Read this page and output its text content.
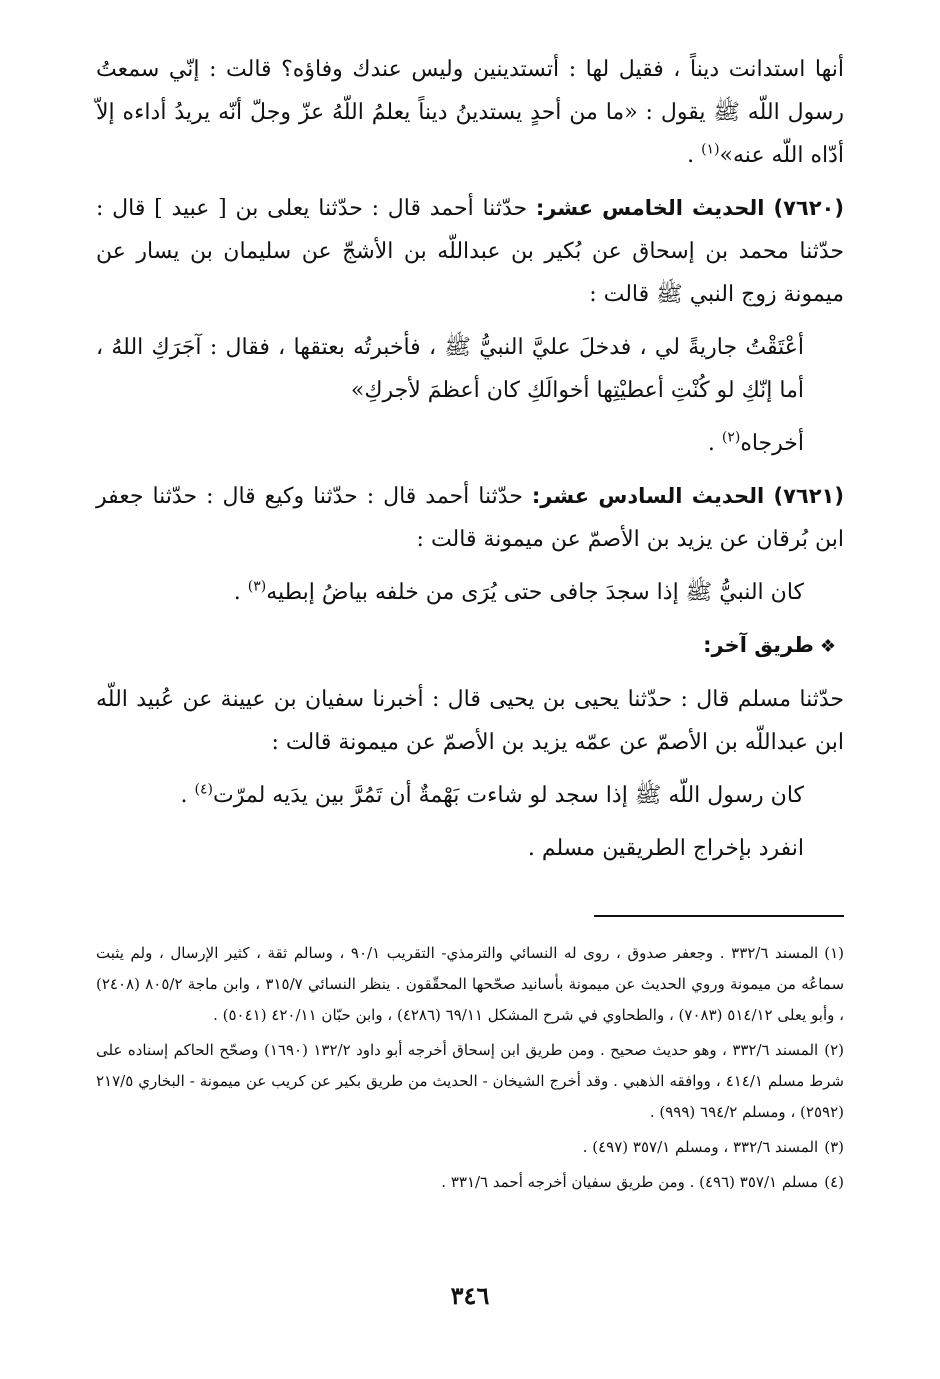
أنها استدانت ديناً ، فقيل لها : أتستدينين وليس عندك وفاؤه؟ قالت : إنّي سمعتُ رسول اللّه ﷺ يقول : «ما من أحدٍ يستدينُ ديناً يعلمُ اللّهُ عزّ وجلّ أنّه يريدُ أداءه إلاّ أدّاه اللّه عنه»$^{(١)}$ .

(٧٦٢٠) الحديث الخامس عشر: حدّثنا أحمد قال : حدّثنا يعلى بن [ عبيد ] قال : حدّثنا محمد بن إسحاق عن بُكير بن عبداللّه بن الأشجّ عن سليمان بن يسار عن ميمونة زوج النبي ﷺ قالت :

أعْتَقْتُ جاريةً لي ، فدخلَ عليَّ النبيُّ ﷺ ، فأخبرتُه بعتقها ، فقال : آجَرَكِ اللهُ ، أما إنّكِ لو كُنْتِ أعطيْتِها أخوالَكِ كان أعظمَ لأجركِ»

أخرجاه$^{(٢)}$ .

(٧٦٢١) الحديث السادس عشر: حدّثنا أحمد قال : حدّثنا وكيع قال : حدّثنا جعفر ابن بُرقان عن يزيد بن الأصمّ عن ميمونة قالت :

كان النبيُّ ﷺ إذا سجدَ جافى حتى يُرَى من خلفه بياضُ إبطيه$^{(٣)}$ .

❖طريق آخر:

حدّثنا مسلم قال : حدّثنا يحيى بن يحيى قال : أخبرنا سفيان بن عيينة عن عُبيد اللّه ابن عبداللّه بن الأصمّ عن عمّه يزيد بن الأصمّ عن ميمونة قالت :

كان رسول اللّه ﷺ إذا سجد لو شاءت بَهْمةٌ أن تَمُرَّ بين يدَيه لمرّت$^{(٤)}$ .

انفرد بإخراج الطريقين مسلم .

(١)المسند ٣٣٢/٦ . وجعفر صدوق ، روى له النسائي والترمذي- التقريب ٩٠/١ ، وسالم ثقة ، كثير الإرسال ، ولم يثبت سماعُه من ميمونة وروي الحديث عن ميمونة بأسانيد صحّحها المحقّقون . ينظر النسائي ٣١٥/٧ ، وابن ماجة ٨٠٥/٢ (٢٤٠٨) ، وأبو يعلى ٥١٤/١٢ (٧٠٨٣) ، والطحاوي في شرح المشكل ٦٩/١١ (٤٢٨٦) ، وابن حبّان ٤٢٠/١١ (٥٠٤١) .

(٢)المسند ٣٣٢/٦ ، وهو حديث صحيح . ومن طريق ابن إسحاق أخرجه أبو داود ١٣٢/٢ (١٦٩٠) وصحّح الحاكم إسناده على شرط مسلم ٤١٤/١ ، ووافقه الذهبي . وقد أخرج الشيخان - الحديث من طريق بكير عن كريب عن ميمونة - البخاري ٢١٧/٥ (٢٥٩٢) ، ومسلم ٦٩٤/٢ (٩٩٩) .

(٣)المسند ٣٣٢/٦ ، ومسلم ٣٥٧/١ (٤٩٧) .

(٤)مسلم ٣٥٧/١ (٤٩٦) . ومن طريق سفيان أخرجه أحمد ٣٣١/٦ .

٣٤٦
